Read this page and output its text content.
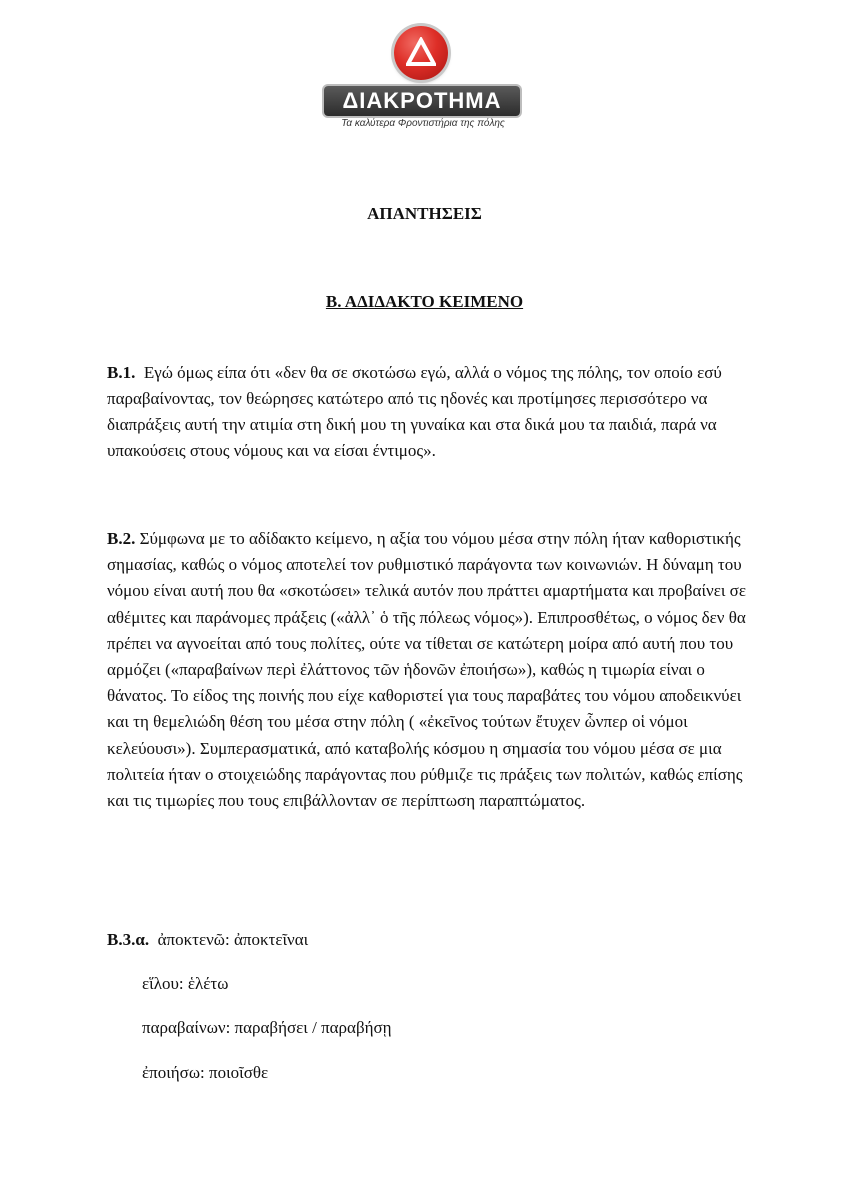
ΔΙΑΚΡΟΤΗΜΑ
Τα καλύτερα Φροντιστήρια της πόλης
ΑΠΑΝΤΗΣΕΙΣ
Β. ΑΔΙΔΑΚΤΟ ΚΕΙΜΕΝΟ

Β.1. Εγώ όμως είπα ότι «δεν θα σε σκοτώσω εγώ, αλλά ο νόμος της πόλης, τον οποίο εσύ παραβαίνοντας, τον θεώρησες κατώτερο από τις ηδονές και προτίμησες περισσότερο να διαπράξεις αυτή την ατιμία στη δική μου τη γυναίκα και στα δικά μου τα παιδιά, παρά να υπακούσεις στους νόμους και να είσαι έντιμος».

Β.2. Σύμφωνα με το αδίδακτο κείμενο, η αξία του νόμου μέσα στην πόλη ήταν καθοριστικής σημασίας, καθώς ο νόμος αποτελεί τον ρυθμιστικό παράγοντα των κοινωνιών. Η δύναμη του νόμου είναι αυτή που θα «σκοτώσει» τελικά αυτόν που πράττει αμαρτήματα και προβαίνει σε αθέμιτες και παράνομες πράξεις («ἀλλ᾽ ὁ τῆς πόλεως νόμος»). Επιπροσθέτως, ο νόμος δεν θα πρέπει να αγνοείται από τους πολίτες, ούτε να τίθεται σε κατώτερη μοίρα από αυτή που του αρμόζει («παραβαίνων περὶ ἐλάττονος τῶν ἡδονῶν ἐποιήσω»), καθώς η τιμωρία είναι ο θάνατος. Το είδος της ποινής που είχε καθοριστεί για τους παραβάτες του νόμου αποδεικνύει και τη θεμελιώδη θέση του μέσα στην πόλη ( «ἐκεῖνος τούτων ἔτυχεν ὧνπερ οἱ νόμοι κελεύουσι»). Συμπερασματικά, από καταβολής κόσμου η σημασία του νόμου μέσα σε μια πολιτεία ήταν ο στοιχειώδης παράγοντας που ρύθμιζε τις πράξεις των πολιτών, καθώς επίσης και τις τιμωρίες που τους επιβάλλονταν σε περίπτωση παραπτώματος.

Β.3.α. ἀποκτενῶ: ἀποκτεῖναι

εἵλου: ἑλέτω

παραβαίνων: παραβήσει / παραβήσῃ

ἐποιήσω: ποιοῖσθε
